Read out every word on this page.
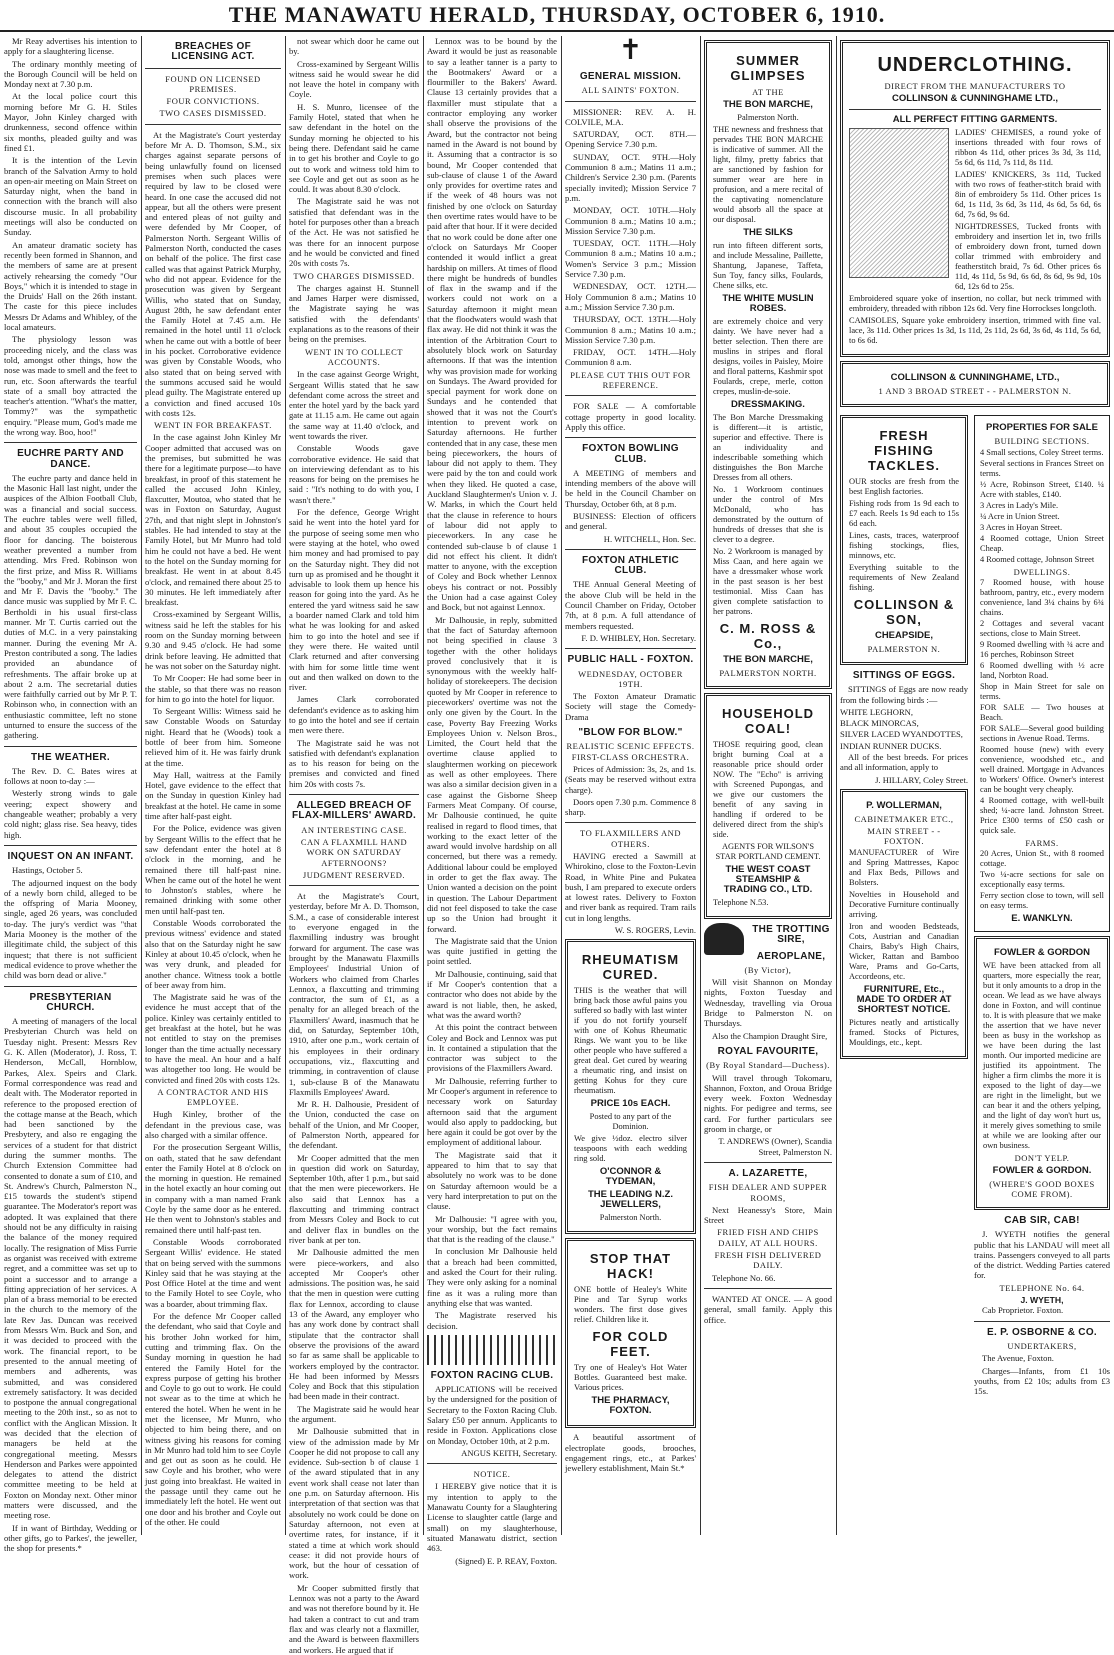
THE MANAWATU HERALD, THURSDAY, OCTOBER 6, 1910.

Mr Reay advertises his intention to apply for a slaughtering license.

The ordinary monthly meeting of the Borough Council will be held on Monday next at 7.30 p.m.

At the local police court this morning before Mr G. H. Stiles Mayor, John Kinley charged with drunkenness, second offence within six months, pleaded guilty and was fined £1.

It is the intention of the Levin branch of the Salvation Army to hold an open-air meeting on Main Street on Saturday night, when the band in connection with the branch will also discourse music. In all probability meetings will also be conducted on Sunday.

An amateur dramatic society has recently been formed in Shannon, and the members of same are at present actively rehearsing the comedy "Our Boys," which it is intended to stage in the Druids' Hall on the 26th instant. The caste for this piece includes Messrs Dr Adams and Whibley, of the local amateurs.

The physiology lesson was proceeding nicely, and the class was told, amongst other things, how the nose was made to smell and the feet to run, etc. Soon afterwards the tearful state of a small boy attracted the teacher's attention. "What's the matter, Tommy?" was the sympathetic enquiry. "Please mum, God's made me the wrong way. Boo, hoo!"

EUCHRE PARTY AND DANCE.

The euchre party and dance held in the Masonic Hall last night, under the auspices of the Albion Football Club, was a financial and social success. The euchre tables were well filled, and about 35 couples occupied the floor for dancing. The boisterous weather prevented a number from attending. Mrs Fred. Robinson won the first prize, and Miss R. Williams the "booby," and Mr J. Moran the first and Mr F. Davis the "booby." The dance music was supplied by Mr F. C. Bertholdi in his usual first-class manner. Mr T. Curtis carried out the duties of M.C. in a very painstaking manner. During the evening Mr A. Preston contributed a song. The ladies provided an abundance of refreshments. The affair broke up at about 2 a.m. The secretarial duties were faithfully carried out by Mr P. T. Robinson who, in connection with an enthusiastic committee, left no stone unturned to ensure the success of the gathering.

THE WEATHER.

The Rev. D. C. Bates wires at follows at noon to-day :—

Westerly strong winds to gale veering; expect showery and changeable weather; probably a very cold night; glass rise. Sea heavy, tides high.

INQUEST ON AN INFANT.

Hastings, October 5.

The adjourned inquest on the body of a newly born child, alleged to be the offspring of Maria Mooney, single, aged 26 years, was concluded to-day. The jury's verdict was "that Maria Mooney is the mother of the illegitimate child, the subject of this inquest; that there is not sufficient medical evidence to prove whether the child was born dead or alive."

PRESBYTERIAN CHURCH.

A meeting of managers of the local Presbyterian Church was held on Tuesday night. Present: Messrs Rev G. K. Allen (Moderator), J. Ross, T. Henderson, McCall, Hornblow, Parkes, Alex. Speirs and Clark. Formal correspondence was read and dealt with. The Moderator reported in reference to the proposed erection of the cottage manse at the Beach, which had been sanctioned by the Presbytery, and also re engaging the services of a student for that district during the summer months. The Church Extension Committee had consented to donate a sum of £10, and St. Andrew's Church, Palmerston N., £15 towards the student's stipend guarantee. The Moderator's report was adopted. It was explained that there should not be any difficulty in raising the balance of the money required locally. The resignation of Miss Furrie as organist was received with extreme regret, and a committee was set up to point a successor and to arrange a fitting appreciation of her services. A plan of a brass memorial to be erected in the church to the memory of the late Rev Jas. Duncan was received from Messrs Wm. Buck and Son, and it was decided to proceed with the work. The financial report, to be presented to the annual meeting of members and adherents, was submitted, and was considered extremely satisfactory. It was decided to postpone the annual congregational meeting to the 20th inst., so as not to conflict with the Anglican Mission. It was decided that the election of managers be held at the congregational meeting. Messrs Henderson and Parkes were appointed delegates to attend the district committee meeting to be held at Foxton on Monday next. Other minor matters were discussed, and the meeting rose.

If in want of Birthday, Wedding or other gifts, go to Parkes', the jeweller, the shop for presents.*

BREACHES OF LICENSING ACT.
FOUND ON LICENSED PREMISES.
FOUR CONVICTIONS.
TWO CASES DISMISSED.

At the Magistrate's Court yesterday before Mr A. D. Thomson, S.M., six charges against separate persons of being unlawfully found on licensed premises when such places were required by law to be closed were heard. In one case the accused did not appear, but all the others were present and entered pleas of not guilty and were defended by Mr Cooper, of Palmerston North. Sergeant Willis of Palmerston North, conducted the cases on behalf of the police. The first case called was that against Patrick Murphy, who did not appear. Evidence for the prosecution was given by Sergeant Willis, who stated that on Sunday, August 28th, he saw defendant enter the Family Hotel at 7.45 a.m. He remained in the hotel until 11 o'clock when he came out with a bottle of beer in his pocket. Corroborative evidence was given by Constable Woods, who also stated that on being served with the summons accused said he would plead guilty. The Magistrate entered up a conviction and fined accused 10s with costs 12s.

WENT IN FOR BREAKFAST.

In the case against John Kinley Mr Cooper admitted that accused was on the premises, but submitted he was there for a legitimate purpose—to have breakfast, in proof of this statement he called the accused John Kinley, flaxcutter, Moutoa, who stated that he was in Foxton on Saturday, August 27th, and that night slept in Johnston's stables. He had intended to stay at the Family Hotel, but Mr Munro had told him he could not have a bed. He went to the hotel on the Sunday morning for breakfast. He went in at about 8.45 o'clock, and remained there about 25 to 30 minutes. He left immediately after breakfast.

Cross-examined by Sergeant Willis, witness said he left the stables for his room on the Sunday morning between 9.30 and 9.45 o'clock. He had some drink before leaving. He admitted that he was not sober on the Saturday night.

To Mr Cooper: He had some beer in the stable, so that there was no reason for him to go into the hotel for liquor.

To Sergeant Willis: Witness said he saw Constable Woods on Saturday night. Heard that he (Woods) took a bottle of beer from him. Someone relieved him of it. He was fairly drunk at the time.

May Hall, waitress at the Family Hotel, gave evidence to the effect that on the Sunday in question Kinley had breakfast at the hotel. He came in some time after half-past eight.

For the Police, evidence was given by Sergeant Willis to the effect that he saw defendant enter the hotel at 8 o'clock in the morning, and he remained there till half-past nine. When he came out of the hotel he went to Johnston's stables, where he remained drinking with some other men until half-past ten.

Constable Woods corroborated the previous witness' evidence and stated also that on the Saturday night he saw Kinley at about 10.45 o'clock, when he was very drunk, and pleaded for another chance. Witness took a bottle of beer away from him.

The Magistrate said he was of the evidence he must accept that of the police. Kinley was certainly entitled to get breakfast at the hotel, but he was not entitled to stay on the premises longer than the time actually necessary to have the meal. An hour and a half was altogether too long. He would be convicted and fined 20s with costs 12s.

A CONTRACTOR AND HIS EMPLOYEE.

Hugh Kinley, brother of the defendant in the previous case, was also charged with a similar offence.

For the prosecution Sergeant Willis, on oath, stated that he saw defendant enter the Family Hotel at 8 o'clock on the morning in question. He remained in the hotel exactly an hour coming out in company with a man named Frank Coyle by the same door as he entered. He then went to Johnston's stables and remained there until half-past ten.

Constable Woods corroborated Sergeant Willis' evidence. He stated that on being served with the summons Kinley said that he was staying at the Post Office Hotel at the time and went to the Family Hotel to see Coyle, who was a boarder, about trimming flax.

For the defence Mr Cooper called the defendant, who said that Coyle and his brother John worked for him, cutting and trimming flax. On the Sunday morning in question he had entered the Family Hotel for the express purpose of getting his brother and Coyle to go out to work. He could not swear as to the time at which he entered the hotel. When he went in he met the licensee, Mr Munro, who objected to him being there, and on witness giving his reasons for coming in Mr Munro had told him to see Coyle and get out as soon as he could. He saw Coyle and his brother, who were just going into breakfast. He waited in the passage until they came out he immediately left the hotel. He went out one door and his brother and Coyle out of the other. He could

not swear which door he came out by.

Cross-examined by Sergeant Willis witness said he would swear he did not leave the hotel in company with Coyle.

H. S. Munro, licensee of the Family Hotel, stated that when he saw defendant in the hotel on the Sunday morning he objected to his being there. Defendant said he came in to get his brother and Coyle to go out to work and witness told him to see Coyle and get out as soon as he could. It was about 8.30 o'clock.

The Magistrate said he was not satisfied that defendant was in the hotel for purposes other than a breach of the Act. He was not satisfied he was there for an innocent purpose and he would be convicted and fined 20s with costs 7s.

TWO CHARGES DISMISSED.

The charges against H. Stunnell and James Harper were dismissed, the Magistrate saying he was satisfied with the defendants' explanations as to the reasons of their being on the premises.

WENT IN TO COLLECT ACCOUNTS.

In the case against George Wright, Sergeant Willis stated that he saw defendant come across the street and enter the hotel yard by the back yard gate at 11.15 a.m. He came out again the same way at 11.40 o'clock, and went towards the river.

Constable Woods gave corroborative evidence. He said that on interviewing defendant as to his reasons for being on the premises he said : "It's nothing to do with you, I wasn't there."

For the defence, George Wright said he went into the hotel yard for the purpose of seeing some men who were staying at the hotel, who owed him money and had promised to pay on the Saturday night. They did not turn up as promised and he thought it advisable to look them up hence his reason for going into the yard. As he entered the yard witness said he saw a boarder named Clark and told him what he was looking for and asked him to go into the hotel and see if they were there. He waited until Clark returned and after conversing with him for some little time went out and then walked on down to the river.

James Clark corroborated defendant's evidence as to asking him to go into the hotel and see if certain men were there.

The Magistrate said he was not satisfied with defendant's explanation as to his reason for being on the premises and convicted and fined him 20s with costs 7s.

ALLEGED BREACH OF FLAX-MILLERS' AWARD.
AN INTERESTING CASE.
CAN A FLAXMILL HAND WORK ON SATURDAY AFTERNOONS?
JUDGMENT RESERVED.

At the Magistrate's Court, yesterday, before Mr A. D. Thomson, S.M., a case of considerable interest to everyone engaged in the flaxmilling industry was brought forward for argument. The case was brought by the Manawatu Flaxmills Employees' Industrial Union of Workers who claimed from Charles Lennox, a flaxcutting and trimming contractor, the sum of £1, as a penalty for an alleged breach of the Flaxmillers' Award, inasmuch that he did, on Saturday, September 10th, 1910, after one p.m., work certain of his employees in their ordinary occupations, viz., flaxcutting and trimming, in contravention of clause 1, sub-clause B of the Manawatu Flaxmills Employees' Award.

Mr R. H. Dalhousie, President of the Union, conducted the case on behalf of the Union, and Mr Cooper, of Palmerston North, appeared for the defendant.

Mr Cooper admitted that the men in question did work on Saturday, September 10th, after 1 p.m., but said that the men were pieceworkers. He also said that Lennox has a flaxcutting and trimming contract from Messrs Coley and Bock to cut and deliver flax in bundles on the river bank at per ton.

Mr Dalhousie admitted the men were piece-workers, and also accepted Mr Cooper's other admissions. The position was, he said that the men in question were cutting flax for Lennox, according to clause 13 of the Award, any employer who has any work done by contract shall stipulate that the contractor shall observe the provisions of the award so far as same shall be applicable to workers employed by the contractor. He had been informed by Messrs Coley and Bock that this stipulation had been made in their contract.

The Magistrate said he would hear the argument.

Mr Dalhousie submitted that in view of the admission made by Mr Cooper he did not propose to call any evidence. Sub-section b of clause 1 of the award stipulated that in any event work shall cease not later than one p.m. on Saturday afternoon. His interpretation of that section was that absolutely no work could be done on Saturday afternoon, not even at overtime rates, for instance, if it stated a time at which work should cease: it did not provide hours of work, but the hour of cessation of work.

Mr Cooper submitted firstly that Lennox was not a party to the Award and was not therefore bound by it. He had taken a contract to cut and tram flax and was clearly not a flaxmiller, and the Award is between flaxmillers and workers. He argued that if

Lennox was to be bound by the Award it would be just as reasonable to say a leather tanner is a party to the Bootmakers' Award or a flourmiller to the Bakers' Award. Clause 13 certainly provides that a flaxmiller must stipulate that a contractor employing any worker shall observe the provisions of the Award, but the contractor not being named in the Award is not bound by it. Assuming that a contractor is so bound, Mr Cooper contended that sub-clause of clause 1 of the Award only provides for overtime rates and if the week of 48 hours was not finished by one o'clock on Saturday then overtime rates would have to be paid after that hour. If it were decided that no work could be done after one o'clock on Saturdays Mr Cooper contended it would inflict a great hardship on millers. At times of flood there might be hundreds of bundles of flax in the swamp and if the workers could not work on a Saturday afternoon it might mean that the floodwaters would wash that flax away. He did not think it was the intention of the Arbitration Court to absolutely block work on Saturday afternoons. If that was the intention why was provision made for working on Sundays. The Award provided for special payment for work done on Sundays and he contended that showed that it was not the Court's intention to prevent work on Saturday afternoons. He further contended that in any case, these men being pieceworkers, the hours of labour did not apply to them. They were paid by the ton and could work when they liked. He quoted a case, Auckland Slaughtermen's Union v. J. W. Marks, in which the Court held that the clause in reference to hours of labour did not apply to pieceworkers. In any case he contended sub-clause b of clause 1 did not effect his client. It didn't matter to anyone, with the exception of Coley and Bock whether Lennox obeys his contract or not. Possibly the Union had a case against Coley and Bock, but not against Lennox.

Mr Dalhousie, in reply, submitted that the fact of Saturday afternoon not being specified in clause 3 together with the other holidays proved conclusively that it is synonymous with the weekly half-holiday of storekeepers. The decision quoted by Mr Cooper in reference to pieceworkers' overtime was not the only one given by the Court. In the case, Poverty Bay Freezing Works Employees Union v. Nelson Bros., Limited, the Court held that the overtime clause applied to slaughtermen working on piecework as well as other employees. There was also a similar decision given in a case against the Gisborne Sheep Farmers Meat Company. Of course, Mr Dalhousie continued, he quite realised in regard to flood times, that working to the exact letter of the award would involve hardship on all concerned, but there was a remedy. Additional labour could be employed in order to get the flax away. The Union wanted a decision on the point in question. The Labour Department did not feel disposed to take the case up so the Union had brought it forward.

The Magistrate said that the Union was quite justified in getting the point settled.

Mr Dalhousie, continuing, said that if Mr Cooper's contention that a contractor who does not abide by the award is not liable, then, he asked, what was the award worth?

At this point the contract between Coley and Bock and Lennox was put in. It contained a stipulation that the contractor was subject to the provisions of the Flaxmillers Award.

Mr Dalhousie, referring further to Mr Cooper's argument in reference to necessary work on Saturday afternoon said that the argument would also apply to paddocking, but here again it could be got over by the employment of additional labour.

The Magistrate said that it appeared to him that to say that absolutely no work was to be done on Saturday afternoon would be a very hard interpretation to put on the clause.

Mr Dalhousie: "I agree with you, your worship, but the fact remains that that is the reading of the clause."

In conclusion Mr Dalhousie held that a breach had been committed, and asked the Court for their ruling. They were only asking for a nominal fine as it was a ruling more than anything else that was wanted.

The Magistrate reserved his decision.

FOXTON RACING CLUB.

APPLICATIONS will be received by the undersigned for the position of Secretary to the Foxton Racing Club. Salary £50 per annum. Applicants to reside in Foxton. Applications close on Monday, October 10th, at 2 p.m.

ANGUS KEITH, Secretary.

NOTICE.

I HEREBY give notice that it is my intention to apply to the Manawatu County for a Slaughtering License to slaughter cattle (large and small) on my slaughterhouse, situated Manawatu district, section 463.

(Signed) E. P. REAY, Foxton.

✝
GENERAL MISSION.
ALL SAINTS' FOXTON.

MISSIONER: REV. A. H. COLVILE, M.A.

SATURDAY, OCT. 8TH.—Opening Service 7.30 p.m.

SUNDAY, OCT. 9TH.—Holy Communion 8 a.m.; Matins 11 a.m.; Children's Service 2.30 p.m. (Parents specially invited); Mission Service 7 p.m.

MONDAY, OCT. 10TH.—Holy Communion 8 a.m.; Matins 10 a.m.; Mission Service 7.30 p.m.

TUESDAY, OCT. 11TH.—Holy Communion 8 a.m.; Matins 10 a.m.; Women's Service 3 p.m.; Mission Service 7.30 p.m.

WEDNESDAY, OCT. 12TH.—Holy Communion 8 a.m.; Matins 10 a.m.; Mission Service 7.30 p.m.

THURSDAY, OCT. 13TH.—Holy Communion 8 a.m.; Matins 10 a.m.; Mission Service 7.30 p.m.

FRIDAY, OCT. 14TH.—Holy Communion 8 a.m.

PLEASE CUT THIS OUT FOR REFERENCE.

FOR SALE — A comfortable cottage property in good locality. Apply this office.

FOXTON BOWLING CLUB.

A MEETING of members and intending members of the above will be held in the Council Chamber on Thursday, October 6th, at 8 p.m.

BUSINESS: Election of officers and general.

H. WITCHELL, Hon. Sec.

FOXTON ATHLETIC CLUB.

THE Annual General Meeting of the above Club will be held in the Council Chamber on Friday, October 7th, at 8 p.m. A full attendance of members requested.

F. D. WHIBLEY, Hon. Secretary.

PUBLIC HALL - FOXTON.
WEDNESDAY, OCTOBER 19TH.

The Foxton Amateur Dramatic Society will stage the Comedy-Drama

"BLOW FOR BLOW."
REALISTIC SCENIC EFFECTS. FIRST-CLASS ORCHESTRA.

Prices of Admission: 3s, 2s, and 1s. (Seats may be reserved without extra charge).

Doors open 7.30 p.m. Commence 8 sharp.

TO FLAXMILLERS AND OTHERS.

HAVING erected a Sawmill at Whirokino, close to the Foxton-Levin Road, in White Pine and Pukatea bush, I am prepared to execute orders at lowest rates. Delivery to Foxton and river bank as required. Tram rails cut in long lengths.

W. S. ROGERS, Levin.

RHEUMATISM CURED.

THIS is the weather that will bring back those awful pains you suffered so badly with last winter if you do not fortify yourself with one of Kohus Rheumatic Rings. We want you to be like other people who have suffered a great deal. Get cured by wearing a rheumatic ring, and insist on getting Kohus for they cure rheumatism.

PRICE 10s EACH.

Posted to any part of the Dominion.

We give ½doz. electro silver teaspoons with each wedding ring sold.

O'CONNOR & TYDEMAN,
THE LEADING N.Z. JEWELLERS,

Palmerston North.

STOP THAT HACK!

ONE bottle of Healey's White Pine and Tar Syrup works wonders. The first dose gives relief. Children like it.

FOR COLD FEET.

Try one of Healey's Hot Water Bottles. Guaranteed best make. Various prices.

THE PHARMACY, FOXTON.

A beautiful assortment of electroplate goods, brooches, engagement rings, etc., at Parkes' jewellery establishment, Main St.*

SUMMER GLIMPSES
AT THE
THE BON MARCHE,

Palmerston North.

THE newness and freshness that pervades THE BON MARCHE is indicative of summer. All the light, filmy, pretty fabrics that are sanctioned by fashion for summer wear are here in profusion, and a mere recital of the captivating nomenclature would absorb all the space at our disposal.

THE SILKS

run into fifteen different sorts, and include Messaline, Paillette, Shantung, Japanese, Taffeta, Sun Toy, fancy silks, Foulards, Chene silks, etc.

THE WHITE MUSLIN ROBES.

are extremely choice and very dainty. We have never had a better selection. Then there are muslins in stripes and floral designs, voiles in Paisley, Moire and floral patterns, Kashmir spot Foulards, crepe, merle, cotton crepes, muslin-de-soie.

DRESSMAKING.

The Bon Marche Dressmaking is different—it is artistic, superior and effective. There is an individuality and indescribable something which distinguishes the Bon Marche Dresses from all others.

No. 1 Workroom continues under the control of Mrs McDonald, who has demonstrated by the outturn of hundreds of dresses that she is clever to a degree.

No. 2 Workroom is managed by Miss Caan, and here again we have a dressmaker whose work in the past season is her best testimonial. Miss Caan has given complete satisfaction to her patrons.

C. M. ROSS & Co.,
THE BON MARCHE,
PALMERSTON NORTH.
HOUSEHOLD COAL!

THOSE requiring good, clean bright burning Coal at a reasonable price should order NOW. The "Echo" is arriving with Screened Pupongas, and we give our customers the benefit of any saving in handling if ordered to be delivered direct from the ship's side.

AGENTS FOR WILSON'S STAR PORTLAND CEMENT.

THE WEST COAST STEAMSHIP & TRADING CO., LTD.

Telephone N.53.

THE TROTTING SIRE,
AEROPLANE,
(By Victor),

Will visit Shannon on Monday nights, Foxton Tuesday and Wednesday, travelling via Oroua Bridge to Palmerston N. on Thursdays.

Also the Champion Draught Sire,

ROYAL FAVOURITE,
(By Royal Standard—Duchess).

Will travel through Tokomaru, Shannon, Foxton, and Oroua Bridge every week. Foxton Wednesday nights. For pedigree and terms, see card. For further particulars see groom in charge, or

T. ANDREWS (Owner), Scandia Street, Palmerston N.

A. LAZARETTE,
FISH DEALER AND SUPPER ROOMS,

Next Heanessy's Store, Main Street

FRIED FISH AND CHIPS DAILY, AT ALL HOURS.
FRESH FISH DELIVERED DAILY.

Telephone No. 66.

WANTED AT ONCE. — A good general, small family. Apply this office.

UNDERCLOTHING.
DIRECT FROM THE MANUFACTURERS TO
COLLINSON & CUNNINGHAME LTD.,
ALL PERFECT FITTING GARMENTS.

LADIES' CHEMISES, a round yoke of insertions threaded with four rows of ribbon 4s 11d, other prices 3s 3d, 3s 11d, 5s 6d, 6s 11d, 7s 11d, 8s 11d.

LADIES' KNICKERS, 3s 11d, Tucked with two rows of feather-stitch braid with 8in of embroidery 5s 11d. Other prices 1s 6d, 1s 11d, 3s 6d, 3s 11d, 4s 6d, 5s 6d, 6s 6d, 7s 6d, 9s 6d.

NIGHTDRESSES, Tucked fronts with embroidery and insertion let in, two frills of embroidery down front, turned down collar trimmed with embroidery and featherstitch braid, 7s 6d. Other prices 6s 11d, 4s 11d, 5s 9d, 6s 6d, 8s 6d, 9s 9d, 10s 6d, 12s 6d to 25s.

Embroidered square yoke of insertion, no collar, but neck trimmed with embroidery, threaded with ribbon 12s 6d. Very fine Horrockses longcloth.

CAMISOLES, Square yoke embroidery insertion, trimmed with fine val. lace, 3s 11d. Other prices 1s 3d, 1s 11d, 2s 11d, 2s 6d, 3s 6d, 4s 11d, 5s 6d, to 6s 6d.

COLLINSON & CUNNINGHAME, LTD.,
1 AND 3 BROAD STREET - - PALMERSTON N.
FRESH FISHING TACKLES.

OUR stocks are fresh from the best English factories.

Fishing rods from 1s 9d each to £7 each. Reels 1s 9d each to 15s 6d each.

Lines, casts, traces, waterproof fishing stockings, flies, minnows, etc.

Everything suitable to the requirements of New Zealand fishing.

COLLINSON & SON,
CHEAPSIDE,
PALMERSTON N.
SITTINGS OF EGGS.

SITTINGS of Eggs are now ready from the following birds :—

WHITE LEGHORN,
BLACK MINORCAS,
SILVER LACED WYANDOTTES,
INDIAN RUNNER DUCKS.

All of the best breeds. For prices and all information, apply to

J. HILLARY, Coley Street.

P. WOLLERMAN,
CABINETMAKER ETC.,
MAIN STREET - - FOXTON.

MANUFACTURER of Wire and Spring Mattresses, Kapoc and Flax Beds, Pillows and Bolsters.

Novelties in Household and Decorative Furniture continually arriving.

Iron and wooden Bedsteads, Cots, Austrian and Canadian Chairs, Baby's High Chairs, Wicker, Rattan and Bamboo Ware, Prams and Go-Carts, Accordeons, etc.

FURNITURE, Etc., MADE TO ORDER AT SHORTEST NOTICE.

Pictures neatly and artistically framed. Stocks of Pictures, Mouldings, etc., kept.

PROPERTIES FOR SALE
BUILDING SECTIONS.
4 Small sections, Coley Street terms.
Several sections in Frances Street on terms.
½ Acre, Robinson Street, £140. ¼ Acre with stables, £140.
3 Acres in Lady's Mile.
¼ Acre in Union Street.
3 Acres in Hoyan Street.
4 Roomed cottage, Union Street Cheap.
4 Roomed cottage, Johnson Street
DWELLINGS.
7 Roomed house, with house bathroom, pantry, etc., every modern convenience, land 3¼ chains by 6¾ chains.
2 Cottages and several vacant sections, close to Main Street.
9 Roomed dwelling with ¾ acre and 16 perches, Robinson Street
6 Roomed dwelling with ½ acre land, Norbton Road.
Shop in Main Street for sale on terms.
FOR SALE — Two houses at Beach.
FOR SALE—Several good building sections in Avenue Road. Terms.
Roomed house (new) with every convenience, woodshed etc., and well drained. Mortgage in Advances to Workers' Office. Owner's interest can be bought very cheaply.
4 Roomed cottage, with well-built shed; ¼-acre land. Johnston Street. Price £300 terms of £50 cash or quick sale.
FARMS.
20 Acres, Union St., with 8 roomed cottage.
Two ¼-acre sections for sale on exceptionally easy terms.
Ferry section close to town, will sell on easy terms.
E. WANKLYN.
FOWLER & GORDON

WE have been attacked from all quarters, more especially the rear, but it only amounts to a drop in the ocean. We lead as we have always done in Foxton, and will continue to. It is with pleasure that we make the assertion that we have never been as busy in the workshop as we have been during the last month. Our imported medicine are justified its appointment. The higher a firm climbs the more it is exposed to the light of day—we are right in the limelight, but we can bear it and the others yelping, and the light of day won't hurt us, it merely gives something to smile at while we are looking after our own business.

DON'T YELP.
FOWLER & GORDON.
(WHERE'S GOOD BOXES COME FROM).
CAB SIR, CAB!

J. WYETH notifies the general public that his LANDAU will meet all trains. Passengers conveyed to all parts of the district. Wedding Parties catered for.

TELEPHONE No. 64.
J. WYETH,

Cab Proprietor. Foxton.

E. P. OSBORNE & CO.
UNDERTAKERS,

The Avenue, Foxton.

Charges—Infants, from £1 10s youths, from £2 10s; adults from £3 15s.
